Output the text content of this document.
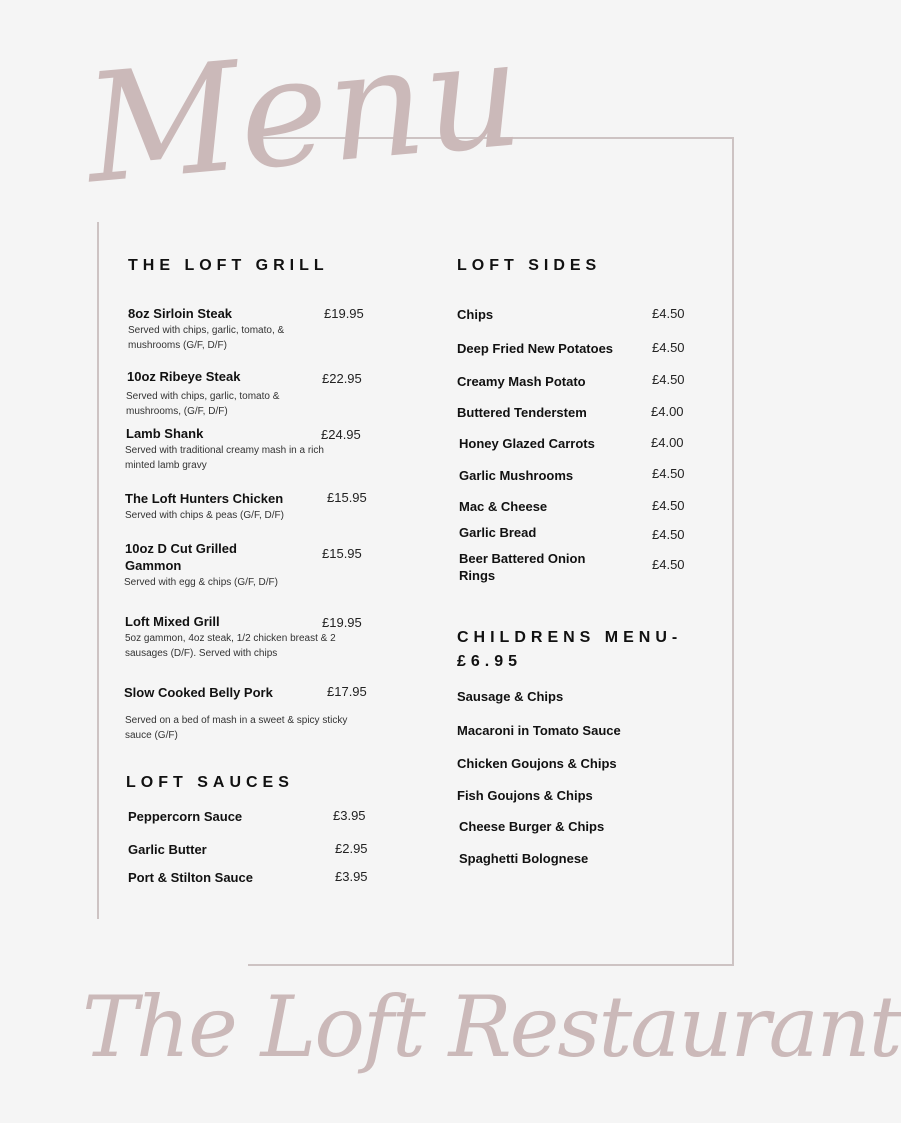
Menu
The Loft Restaurant
THE LOFT GRILL
8oz Sirloin Steak	£19.95
Served with chips, garlic, tomato, & mushrooms (G/F, D/F)
10oz Ribeye Steak	£22.95
Served with chips, garlic, tomato & mushrooms, (G/F, D/F)
Lamb Shank	£24.95
Served with traditional creamy mash in a rich minted lamb gravy
The Loft Hunters Chicken	£15.95
Served with chips & peas (G/F, D/F)
10oz D Cut Grilled Gammon
£15.95
Served with egg & chips (G/F, D/F)
Loft Mixed Grill	£19.95
5oz gammon, 4oz steak, 1/2 chicken breast & 2 sausages (D/F). Served with chips
Slow Cooked Belly Pork	£17.95
Served on a bed of mash in a sweet & spicy sticky sauce (G/F)
LOFT SAUCES
Peppercorn Sauce	£3.95
Garlic Butter	£2.95
Port & Stilton Sauce	£3.95
LOFT SIDES
Chips	£4.50
Deep Fried New Potatoes	£4.50
Creamy Mash Potato	£4.50
Buttered Tenderstem	£4.00
Honey Glazed Carrots	£4.00
Garlic Mushrooms	£4.50
Mac & Cheese	£4.50
Garlic Bread	£4.50
Beer Battered Onion Rings
£4.50
CHILDRENS MENU-
£6.95
Sausage & Chips
Macaroni in Tomato Sauce
Chicken Goujons & Chips
Fish Goujons & Chips
Cheese Burger & Chips
Spaghetti Bolognese
